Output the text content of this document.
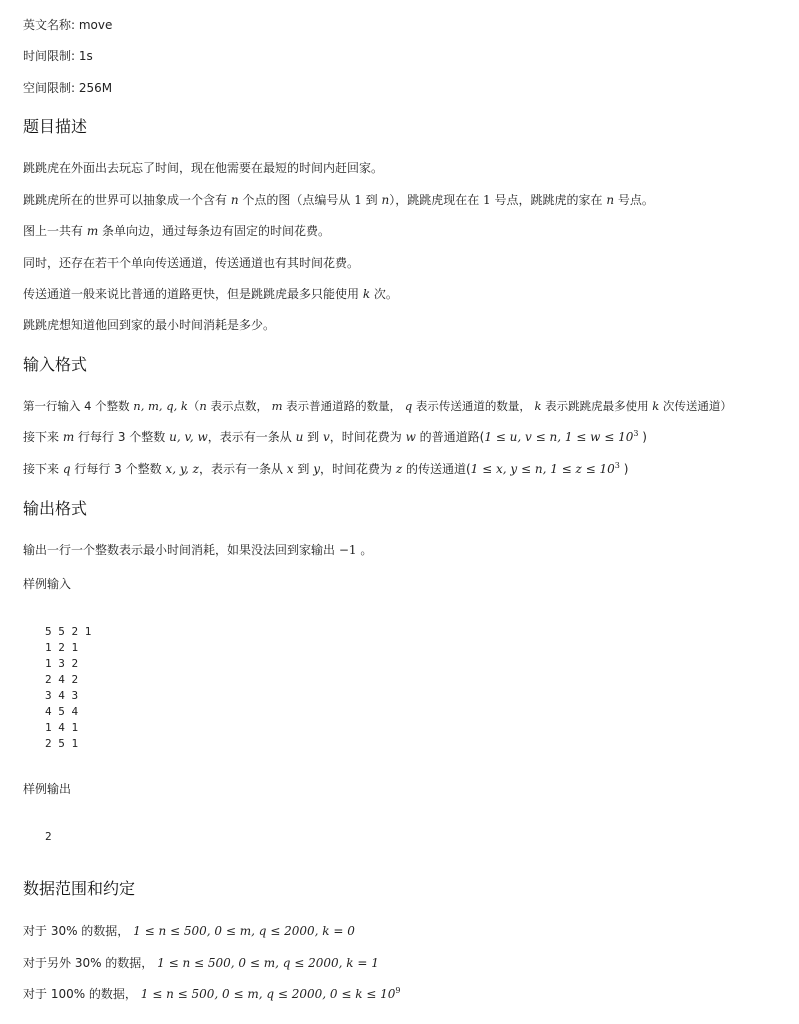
英文名称: move
时间限制: 1s
空间限制: 256M
题目描述
跳跳虎在外面出去玩忘了时间，现在他需要在最短的时间内赶回家。
跳跳虎所在的世界可以抽象成一个含有 n 个点的图（点编号从 1 到 n），跳跳虎现在在 1 号点，跳跳虎的家在 n 号点。
图上一共有 m 条单向边，通过每条边有固定的时间花费。
同时，还存在若干个单向传送通道，传送通道也有其时间花费。
传送通道一般来说比普通的道路更快，但是跳跳虎最多只能使用 k 次。
跳跳虎想知道他回到家的最小时间消耗是多少。
输入格式
第一行输入 4 个整数 n, m, q, k（n 表示点数， m 表示普通道路的数量， q 表示传送通道的数量， k 表示跳跳虎最多使用 k 次传送通道）
接下来 m 行每行 3 个整数 u, v, w，表示有一条从 u 到 v，时间花费为 w 的普通道路(1 ≤ u, v ≤ n, $1 \le w \le 10^3$ )
接下来 q 行每行 3 个整数 x, y, z，表示有一条从 x 到 y，时间花费为 z 的传送通道(1 ≤ x, y ≤ n, $1 \le z \le 10^3$ )
输出格式
输出一行一个整数表示最小时间消耗，如果没法回到家输出 −1 。
样例输入
5 5 2 1
1 2 1
1 3 2
2 4 2
3 4 3
4 5 4
1 4 1
2 5 1
样例输出
2
数据范围和约定
对于 30% 的数据， 1 ≤ n ≤ 500, 0 ≤ m, q ≤ 2000, k = 0
对于另外 30% 的数据， 1 ≤ n ≤ 500, 0 ≤ m, q ≤ 2000, k = 1
对于 100% 的数据， 1 ≤ n ≤ 500, 0 ≤ m, q ≤ 2000, $0 \le k \le 10^9$
